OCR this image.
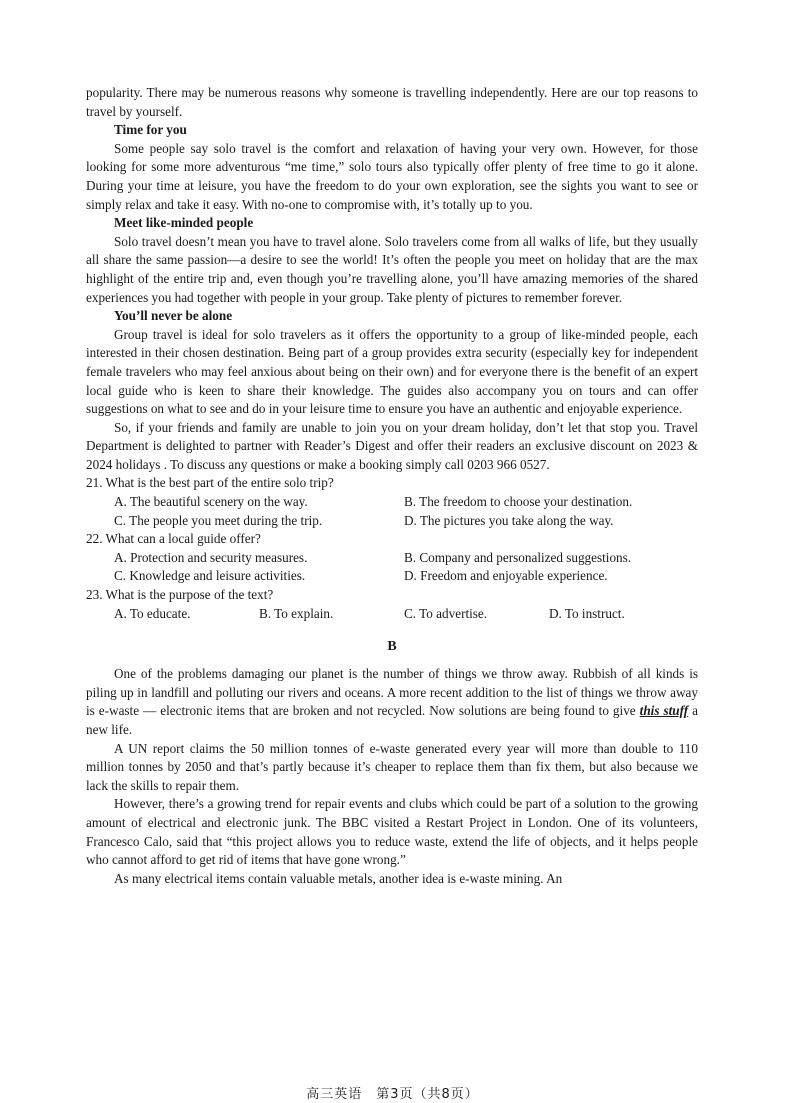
popularity. There may be numerous reasons why someone is travelling independently. Here are our top reasons to travel by yourself.

Time for you

Some people say solo travel is the comfort and relaxation of having your very own. However, for those looking for some more adventurous “me time,” solo tours also typically offer plenty of free time to go it alone. During your time at leisure, you have the freedom to do your own exploration, see the sights you want to see or simply relax and take it easy. With no-one to compromise with, it’s totally up to you.

Meet like-minded people

Solo travel doesn’t mean you have to travel alone. Solo travelers come from all walks of life, but they usually all share the same passion—a desire to see the world! It’s often the people you meet on holiday that are the max highlight of the entire trip and, even though you’re travelling alone, you’ll have amazing memories of the shared experiences you had together with people in your group. Take plenty of pictures to remember forever.

You’ll never be alone

Group travel is ideal for solo travelers as it offers the opportunity to a group of like-minded people, each interested in their chosen destination. Being part of a group provides extra security (especially key for independent female travelers who may feel anxious about being on their own) and for everyone there is the benefit of an expert local guide who is keen to share their knowledge. The guides also accompany you on tours and can offer suggestions on what to see and do in your leisure time to ensure you have an authentic and enjoyable experience.

So, if your friends and family are unable to join you on your dream holiday, don’t let that stop you. Travel Department is delighted to partner with Reader’s Digest and offer their readers an exclusive discount on 2023 & 2024 holidays . To discuss any questions or make a booking simply call 0203 966 0527.

21. What is the best part of the entire solo trip?

A. The beautiful scenery on the way.	B. The freedom to choose your destination.
C. The people you meet during the trip.	D. The pictures you take along the way.

22. What can a local guide offer?

A. Protection and security measures.	B. Company and personalized suggestions.
C. Knowledge and leisure activities.	D. Freedom and enjoyable experience.

23. What is the purpose of the text?

A. To educate.	B. To explain.	C. To advertise.	D. To instruct.
B

One of the problems damaging our planet is the number of things we throw away. Rubbish of all kinds is piling up in landfill and polluting our rivers and oceans. A more recent addition to the list of things we throw away is e-waste — electronic items that are broken and not recycled. Now solutions are being found to give this stuff a new life.

A UN report claims the 50 million tonnes of e-waste generated every year will more than double to 110 million tonnes by 2050 and that’s partly because it’s cheaper to replace them than fix them, but also because we lack the skills to repair them.

However, there’s a growing trend for repair events and clubs which could be part of a solution to the growing amount of electrical and electronic junk. The BBC visited a Restart Project in London. One of its volunteers, Francesco Calo, said that “this project allows you to reduce waste, extend the life of objects, and it helps people who cannot afford to get rid of items that have gone wrong.”

As many electrical items contain valuable metals, another idea is e-waste mining. An

高三英语　第3页（共8页）
